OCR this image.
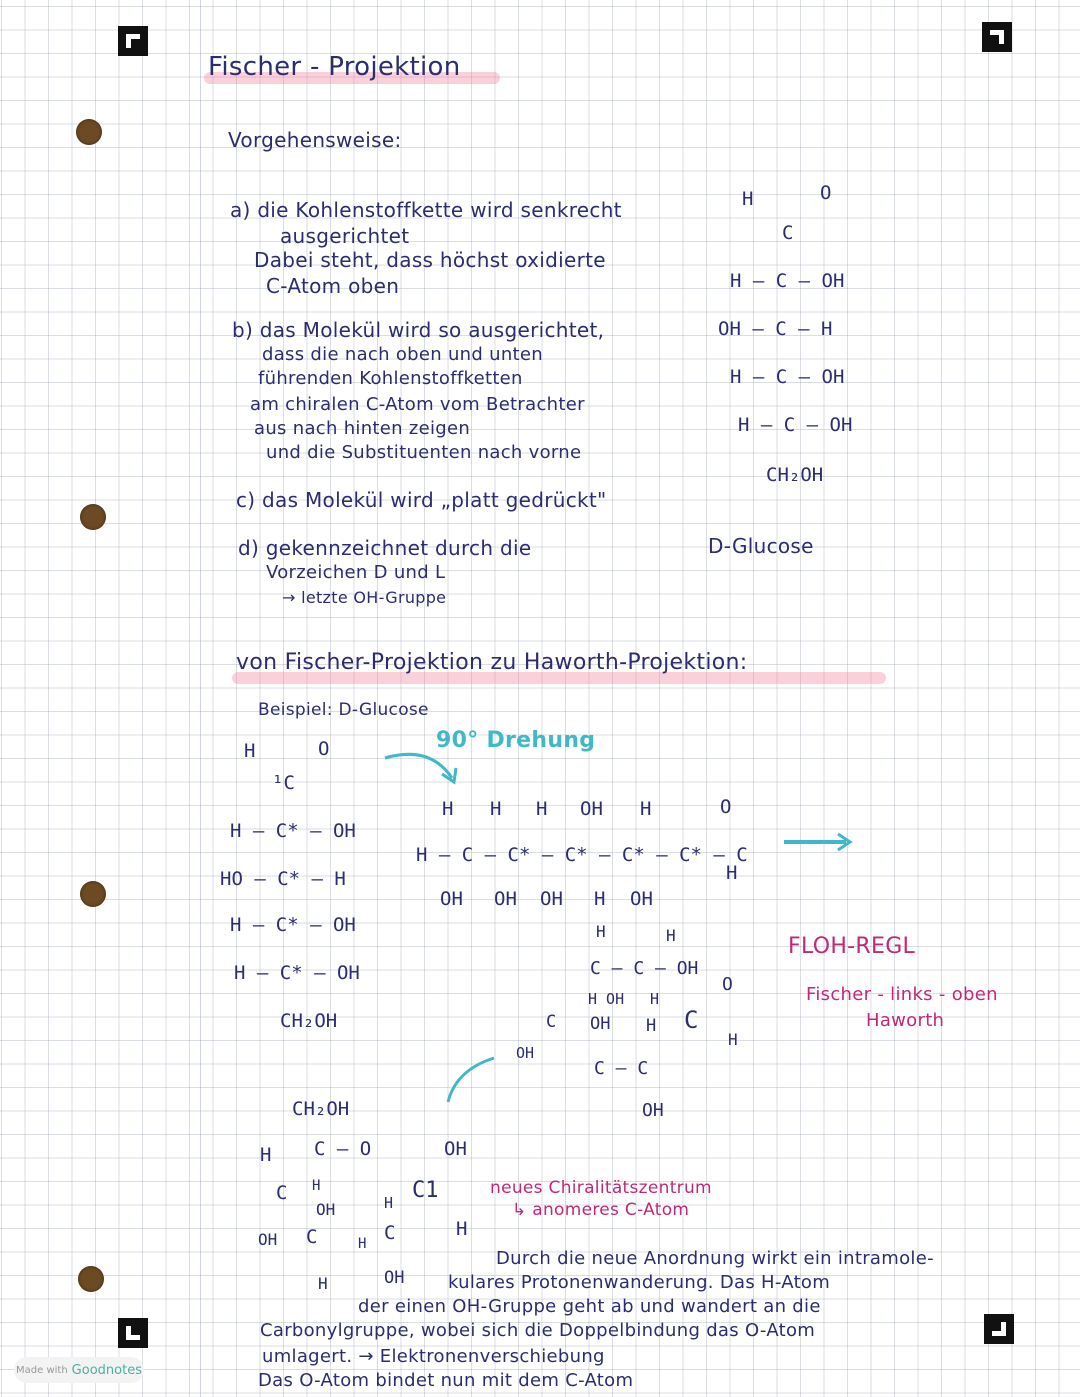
Fischer - Projektion
Vorgehensweise:
a) die Kohlenstoffkette wird senkrecht
ausgerichtet
Dabei steht, dass höchst oxidierte
C-Atom oben
b) das Molekül wird so ausgerichtet,
dass die nach oben und unten
führenden Kohlenstoffketten
am chiralen C-Atom vom Betrachter
aus nach hinten zeigen
und die Substituenten nach vorne
c) das Molekül wird „platt gedrückt"
d) gekennzeichnet durch die
Vorzeichen D und L
→ letzte OH-Gruppe
H	O
C
H – C – OH
OH – C – H
H – C – OH
H – C – OH
CH₂OH
D-Glucose
von Fischer-Projektion zu Haworth-Projektion:
Beispiel: D-Glucose
90° Drehung
H	O
¹C
H – C* – OH
HO – C* – H
H – C* – OH
H – C* – OH
CH₂OH
H H H OH H
H – C – C* – C* – C* – C* – C
OH OH OH H OH
O
H
H	H
C – C – OH
O
H OH H
C OH H C
H
OH
C – C
OH
CH₂OH
H C – O	OH
C H	C1
OH	H
H
OH C	C
H
H
OH
FLOH-REGL
Fischer - links - oben
Haworth
neues Chiralitätszentrum
↳ anomeres C-Atom
Durch die neue Anordnung wirkt ein intramole-
kulares Protonenwanderung. Das H-Atom
der einen OH-Gruppe geht ab und wandert an die
Carbonylgruppe, wobei sich die Doppelbindung das O-Atom
umlagert. → Elektronenverschiebung
Das O-Atom bindet nun mit dem C-Atom
Made with Goodnotes
